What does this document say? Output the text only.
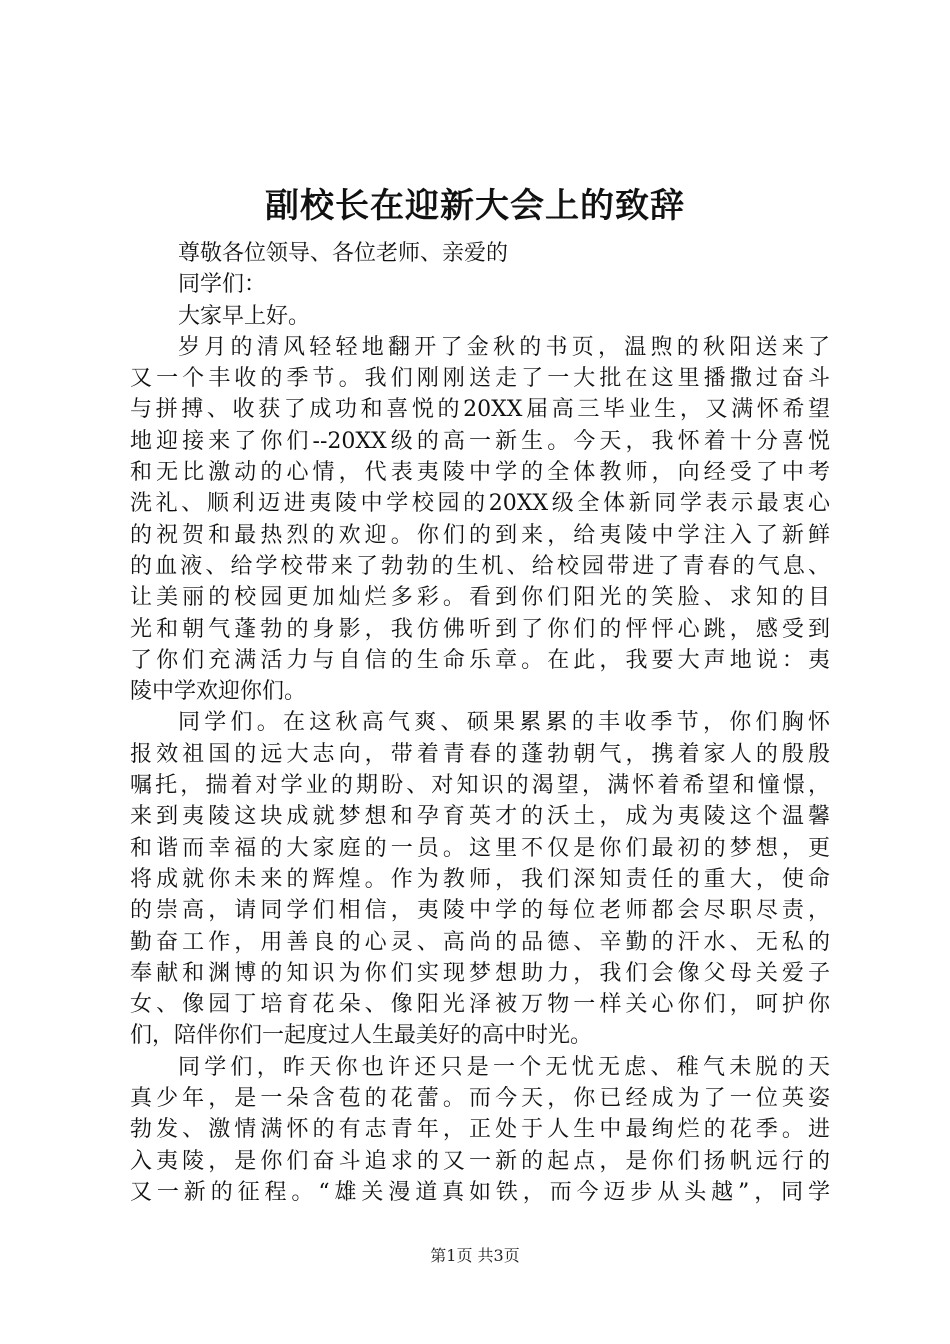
副校长在迎新大会上的致辞
尊敬各位领导、各位老师、亲爱的
同学们：
大家早上好。
岁月的清风轻轻地翻开了金秋的书页，温煦的秋阳送来了
又一个丰收的季节。我们刚刚送走了一大批在这里播撒过奋斗
与拼搏、收获了成功和喜悦的20XX届高三毕业生，又满怀希望
地迎接来了你们--20XX级的高一新生。今天，我怀着十分喜悦
和无比激动的心情，代表夷陵中学的全体教师，向经受了中考
洗礼、顺利迈进夷陵中学校园的20XX级全体新同学表示最衷心
的祝贺和最热烈的欢迎。你们的到来，给夷陵中学注入了新鲜
的血液、给学校带来了勃勃的生机、给校园带进了青春的气息、
让美丽的校园更加灿烂多彩。看到你们阳光的笑脸、求知的目
光和朝气蓬勃的身影，我仿佛听到了你们的怦怦心跳，感受到
了你们充满活力与自信的生命乐章。在此，我要大声地说：夷
陵中学欢迎你们。
同学们。在这秋高气爽、硕果累累的丰收季节，你们胸怀
报效祖国的远大志向，带着青春的蓬勃朝气，携着家人的殷殷
嘱托，揣着对学业的期盼、对知识的渴望，满怀着希望和憧憬，
来到夷陵这块成就梦想和孕育英才的沃土，成为夷陵这个温馨
和谐而幸福的大家庭的一员。这里不仅是你们最初的梦想，更
将成就你未来的辉煌。作为教师，我们深知责任的重大，使命
的崇高，请同学们相信，夷陵中学的每位老师都会尽职尽责，
勤奋工作，用善良的心灵、高尚的品德、辛勤的汗水、无私的
奉献和渊博的知识为你们实现梦想助力，我们会像父母关爱子
女、像园丁培育花朵、像阳光泽被万物一样关心你们，呵护你
们，陪伴你们一起度过人生最美好的高中时光。
同学们，昨天你也许还只是一个无忧无虑、稚气未脱的天
真少年，是一朵含苞的花蕾。而今天，你已经成为了一位英姿
勃发、激情满怀的有志青年，正处于人生中最绚烂的花季。进
入夷陵，是你们奋斗追求的又一新的起点，是你们扬帆远行的
又一新的征程。“雄关漫道真如铁，而今迈步从头越”，同学
第1页 共3页
